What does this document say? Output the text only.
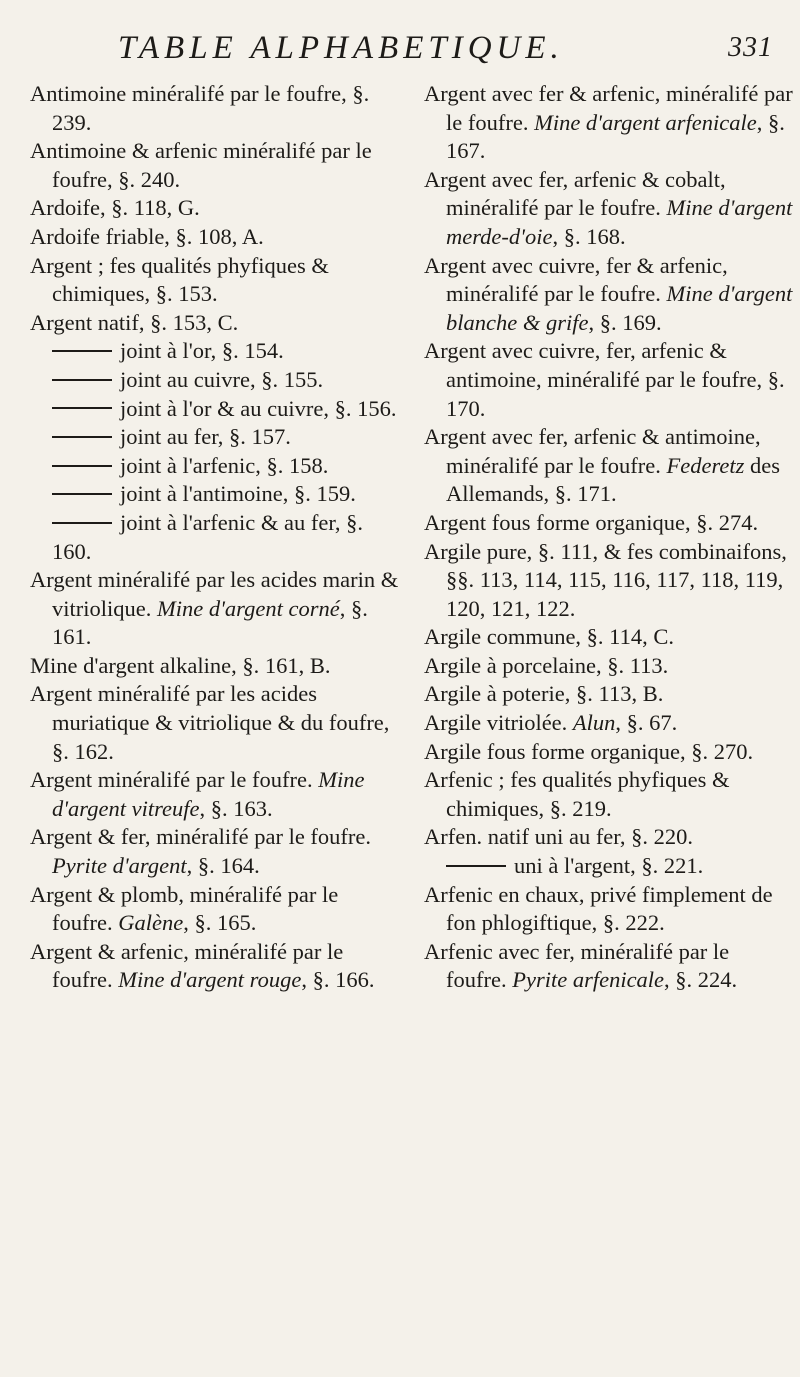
TABLE ALPHABETIQUE.	331

Antimoine minéralifé par le foufre, §. 239.

Antimoine & arfenic minéralifé par le foufre, §. 240.

Ardoife, §. 118, G.

Ardoife friable, §. 108, A.

Argent ; fes qualités phyfiques & chimiques, §. 153.

Argent natif, §. 153, C.

joint à l'or, §. 154.

joint au cuivre, §. 155.

joint à l'or & au cuivre, §. 156.

joint au fer, §. 157.

joint à l'arfenic, §. 158.

joint à l'antimoine, §. 159.

joint à l'arfenic & au fer, §. 160.

Argent minéralifé par les acides marin & vitriolique. Mine d'argent corné, §. 161.

Mine d'argent alkaline, §. 161, B.

Argent minéralifé par les acides muriatique & vitriolique & du foufre, §. 162.

Argent minéralifé par le foufre. Mine d'argent vitreufe, §. 163.

Argent & fer, minéralifé par le foufre. Pyrite d'argent, §. 164.

Argent & plomb, minéralifé par le foufre. Galène, §. 165.

Argent & arfenic, minéralifé par le foufre. Mine d'argent rouge, §. 166.

Argent avec fer & arfenic, minéralifé par le foufre. Mine d'argent arfenicale, §. 167.

Argent avec fer, arfenic & cobalt, minéralifé par le foufre. Mine d'argent merde-d'oie, §. 168.

Argent avec cuivre, fer & arfenic, minéralifé par le foufre. Mine d'argent blanche & grife, §. 169.

Argent avec cuivre, fer, arfenic & antimoine, minéralifé par le foufre, §. 170.

Argent avec fer, arfenic & antimoine, minéralifé par le foufre. Federetz des Allemands, §. 171.

Argent fous forme organique, §. 274.

Argile pure, §. 111, & fes combinaifons, §§. 113, 114, 115, 116, 117, 118, 119, 120, 121, 122.

Argile commune, §. 114, C.

Argile à porcelaine, §. 113.

Argile à poterie, §. 113, B.

Argile vitriolée. Alun, §. 67.

Argile fous forme organique, §. 270.

Arfenic ; fes qualités phyfiques & chimiques, §. 219.

Arfen. natif uni au fer, §. 220.

uni à l'argent, §. 221.

Arfenic en chaux, privé fimplement de fon phlogiftique, §. 222.

Arfenic avec fer, minéralifé par le foufre. Pyrite arfenicale, §. 224.
